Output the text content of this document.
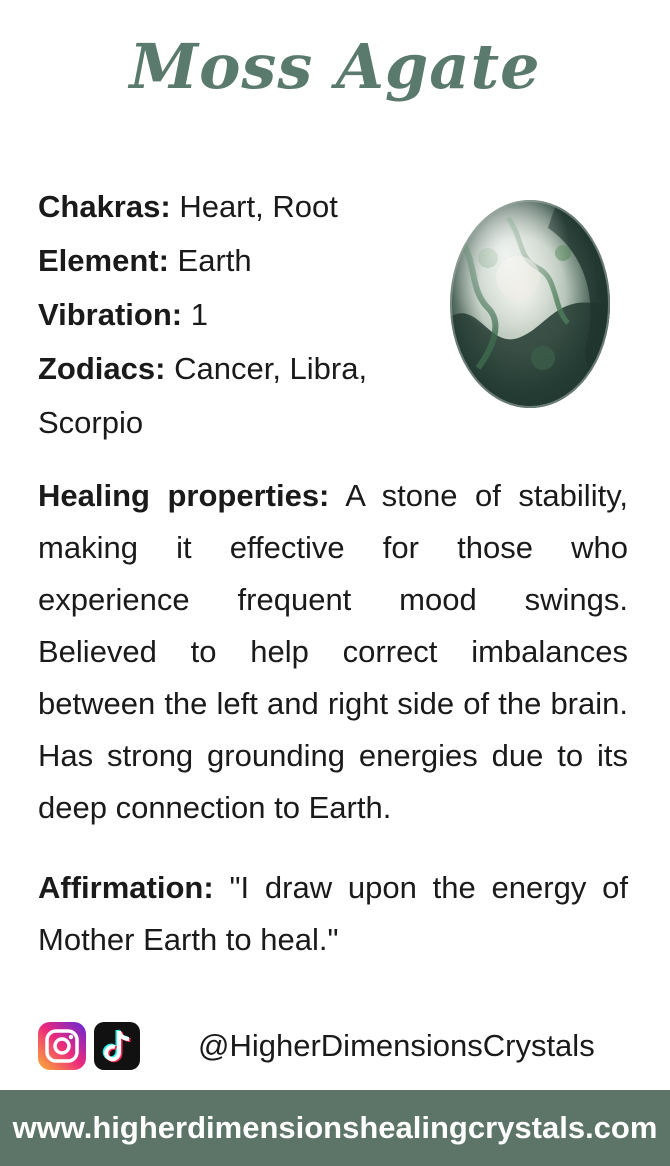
Moss Agate
Chakras: Heart, Root
Element: Earth
Vibration: 1
Zodiacs: Cancer, Libra,
Scorpio
Healing properties: A stone of stability, making it effective for those who experience frequent mood swings. Believed to help correct imbalances between the left and right side of the brain. Has strong grounding energies due to its deep connection to Earth.
Affirmation: "I draw upon the energy of Mother Earth to heal."
@HigherDimensionsCrystals
www.higherdimensionshealingcrystals.com
